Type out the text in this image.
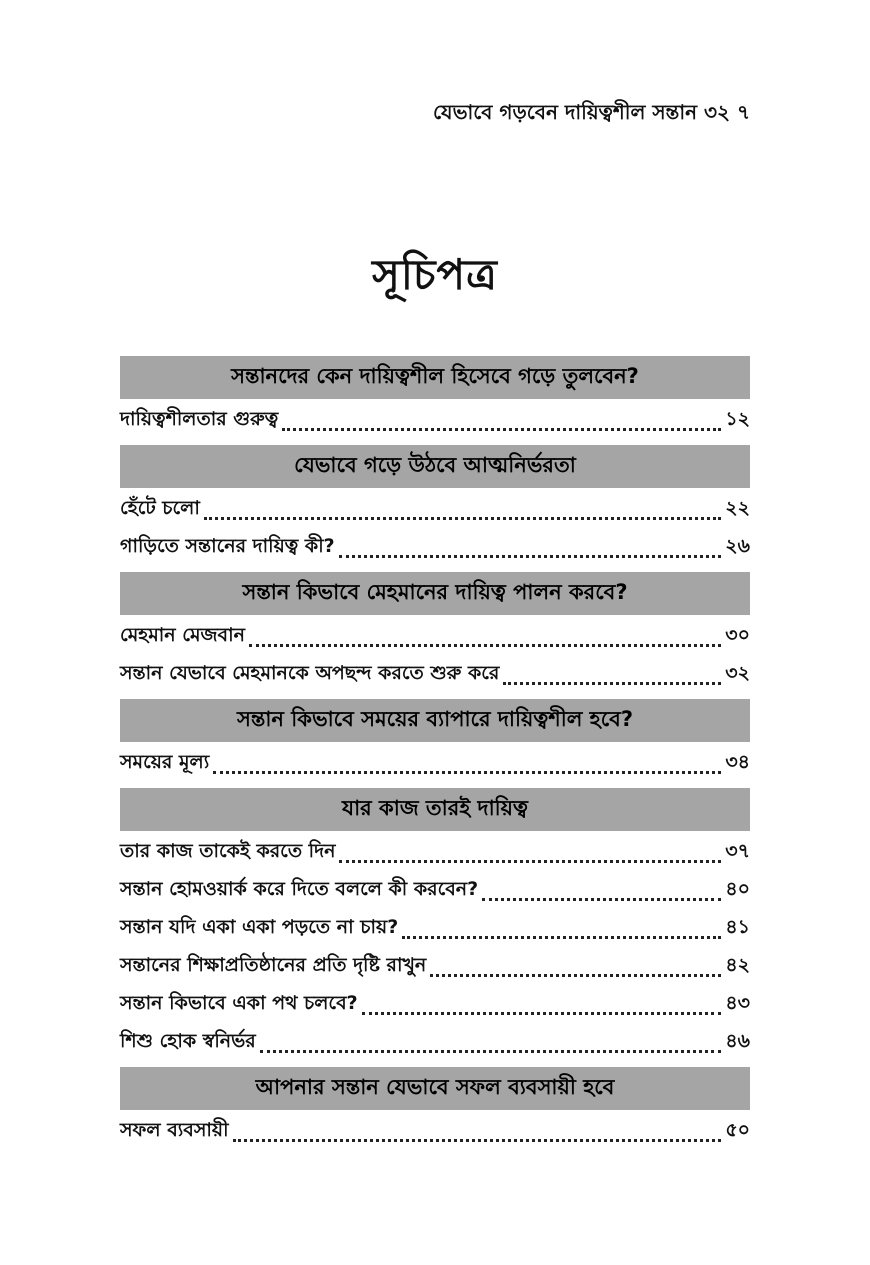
যেভাবে গড়বেন দায়িত্বশীল সন্তান ৩২ ৭
সূচিপত্র
সন্তানদের কেন দায়িত্বশীল হিসেবে গড়ে তুলবেন?
দায়িত্বশীলতার গুরুত্ব	১২
যেভাবে গড়ে উঠবে আত্মনির্ভরতা
হেঁটে চলো	২২
গাড়িতে সন্তানের দায়িত্ব কী?	২৬
সন্তান কিভাবে মেহমানের দায়িত্ব পালন করবে?
মেহমান মেজবান	৩০
সন্তান যেভাবে মেহমানকে অপছন্দ করতে শুরু করে	৩২
সন্তান কিভাবে সময়ের ব্যাপারে দায়িত্বশীল হবে?
সময়ের মূল্য	৩৪
যার কাজ তারই দায়িত্ব
তার কাজ তাকেই করতে দিন	৩৭
সন্তান হোমওয়ার্ক করে দিতে বললে কী করবেন?	৪০
সন্তান যদি একা একা পড়তে না চায়?	৪১
সন্তানের শিক্ষাপ্রতিষ্ঠানের প্রতি দৃষ্টি রাখুন	৪২
সন্তান কিভাবে একা পথ চলবে?	৪৩
শিশু হোক স্বনির্ভর	৪৬
আপনার সন্তান যেভাবে সফল ব্যবসায়ী হবে
সফল ব্যবসায়ী	৫০
